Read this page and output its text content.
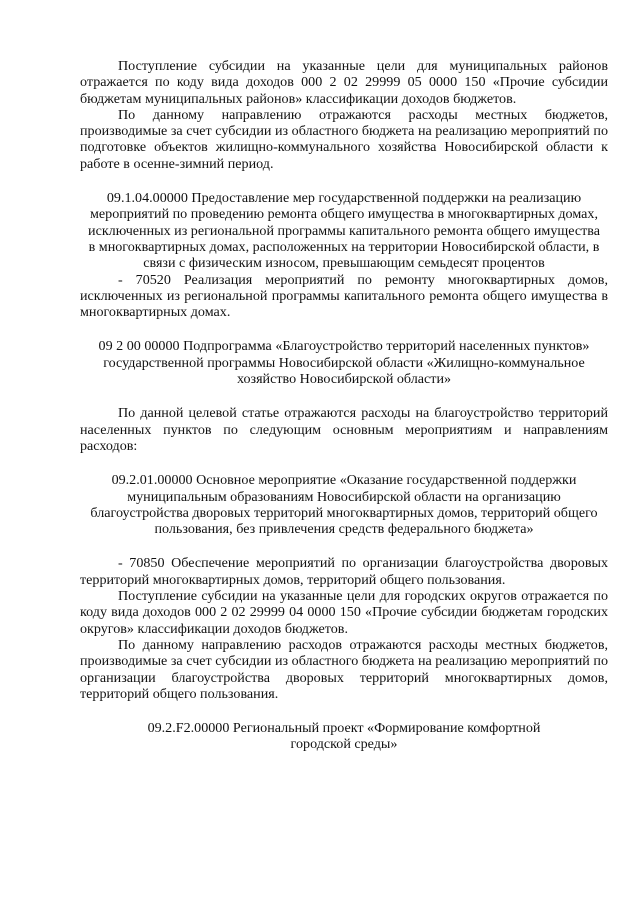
Поступление субсидии на указанные цели для муниципальных районов отражается по коду вида доходов 000 2 02 29999 05 0000 150 «Прочие субсидии бюджетам муниципальных районов» классификации доходов бюджетов.

По данному направлению отражаются расходы местных бюджетов, производимые за счет субсидии из областного бюджета на реализацию мероприятий по подготовке объектов жилищно-коммунального хозяйства Новосибирской области к работе в осенне-зимний период.

09.1.04.00000 Предоставление мер государственной поддержки на реализацию мероприятий по проведению ремонта общего имущества в многоквартирных домах, исключенных из региональной программы капитального ремонта общего имущества в многоквартирных домах, расположенных на территории Новосибирской области, в связи с физическим износом, превышающим семьдесят процентов

- 70520 Реализация мероприятий по ремонту многоквартирных домов, исключенных из региональной программы капитального ремонта общего имущества в многоквартирных домах.

09 2 00 00000 Подпрограмма «Благоустройство территорий населенных пунктов» государственной программы Новосибирской области «Жилищно-коммунальное хозяйство Новосибирской области»

По данной целевой статье отражаются расходы на благоустройство территорий населенных пунктов по следующим основным мероприятиям и направлениям расходов:

09.2.01.00000 Основное мероприятие «Оказание государственной поддержки муниципальным образованиям Новосибирской области на организацию благоустройства дворовых территорий многоквартирных домов, территорий общего пользования, без привлечения средств федерального бюджета»

- 70850 Обеспечение мероприятий по организации благоустройства дворовых территорий многоквартирных домов, территорий общего пользования.

Поступление субсидии на указанные цели для городских округов отражается по коду вида доходов 000 2 02 29999 04 0000 150 «Прочие субсидии бюджетам городских округов» классификации доходов бюджетов.

По данному направлению расходов отражаются расходы местных бюджетов, производимые за счет субсидии из областного бюджета на реализацию мероприятий по организации благоустройства дворовых территорий многоквартирных домов, территорий общего пользования.

09.2.F2.00000 Региональный проект «Формирование комфортной городской среды»
